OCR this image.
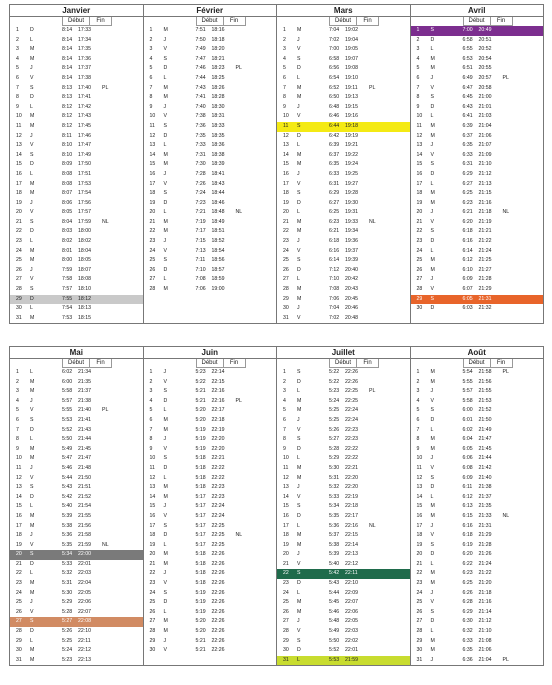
Janvier
Début	Fin
1	D	8:14	17:33
2	L	8:14	17:34
3	M	8:14	17:35
4	M	8:14	17:36
5	J	8:14	17:37
6	V	8:14	17:38
7	S	8:13	17:40	PL
8	D	8:13	17:41
9	L	8:12	17:42
10	M	8:12	17:43
11	M	8:12	17:45
12	J	8:11	17:46
13	V	8:10	17:47
14	S	8:10	17:49
15	D	8:09	17:50
16	L	8:08	17:51
17	M	8:08	17:53
18	M	8:07	17:54
19	J	8:06	17:56
20	V	8:05	17:57
21	S	8:04	17:59	NL
22	D	8:03	18:00
23	L	8:02	18:02
24	M	8:01	18:04
25	M	8:00	18:05
26	J	7:59	18:07
27	V	7:58	18:08
28	S	7:57	18:10
29	D	7:55	18:12
30	L	7:54	18:13
31	M	7:53	18:15
Février
Début	Fin
1	M	7:51	18:16
2	J	7:50	18:18
3	V	7:49	18:20
4	S	7:47	18:21
5	D	7:46	18:23	PL
6	L	7:44	18:25
7	M	7:43	18:26
8	M	7:41	18:28
9	J	7:40	18:30
10	V	7:38	18:31
11	S	7:36	18:33
12	D	7:35	18:35
13	L	7:33	18:36
14	M	7:31	18:38
15	M	7:30	18:39
16	J	7:28	18:41
17	V	7:26	18:43
18	S	7:24	18:44
19	D	7:23	18:46
20	L	7:21	18:48	NL
21	M	7:19	18:49
22	M	7:17	18:51
23	J	7:15	18:52
24	V	7:13	18:54
25	S	7:11	18:56
26	D	7:10	18:57
27	L	7:08	18:59
28	M	7:06	19:00
Mars
Début	Fin
1	M	7:04	19:02
2	J	7:02	19:04
3	V	7:00	19:05
4	S	6:58	19:07
5	D	6:56	19:08
6	L	6:54	19:10
7	M	6:52	19:11	PL
8	M	6:50	19:13
9	J	6:48	19:15
10	V	6:46	19:16
11	S	6:44	19:18
12	D	6:42	19:19
13	L	6:39	19:21
14	M	6:37	19:22
15	M	6:35	19:24
16	J	6:33	19:25
17	V	6:31	19:27
18	S	6:29	19:28
19	D	6:27	19:30
20	L	6:25	19:31
21	M	6:23	19:33	NL
22	M	6:21	19:34
23	J	6:18	19:36
24	V	6:16	19:37
25	S	6:14	19:39
26	D	7:12	20:40
27	L	7:10	20:42
28	M	7:08	20:43
29	M	7:06	20:45
30	J	7:04	20:46
31	V	7:02	20:48
Avril
Début	Fin
1	S	7:00	20:49
2	D	6:58	20:51
3	L	6:55	20:52
4	M	6:53	20:54
5	M	6:51	20:55
6	J	6:49	20:57	PL
7	V	6:47	20:58
8	S	6:45	21:00
9	D	6:43	21:01
10	L	6:41	21:03
11	M	6:39	21:04
12	M	6:37	21:06
13	J	6:35	21:07
14	V	6:33	21:09
15	S	6:31	21:10
16	D	6:29	21:12
17	L	6:27	21:13
18	M	6:25	21:15
19	M	6:23	21:16
20	J	6:21	21:18	NL
21	V	6:20	21:19
22	S	6:18	21:21
23	D	6:16	21:22
24	L	6:14	21:24
25	M	6:12	21:25
26	M	6:10	21:27
27	J	6:09	21:28
28	V	6:07	21:29
29	S	6:05	21:31
30	D	6:03	21:32
Mai
Début	Fin
1	L	6:02	21:34
2	M	6:00	21:35
3	M	5:58	21:37
4	J	5:57	21:38
5	V	5:55	21:40	PL
6	S	5:53	21:41
7	D	5:52	21:43
8	L	5:50	21:44
9	M	5:49	21:45
10	M	5:47	21:47
11	J	5:46	21:48
12	V	5:44	21:50
13	S	5:43	21:51
14	D	5:42	21:52
15	L	5:40	21:54
16	M	5:39	21:55
17	M	5:38	21:56
18	J	5:36	21:58
19	V	5:35	21:59	NL
20	S	5:34	22:00
21	D	5:33	22:01
22	L	5:32	22:03
23	M	5:31	22:04
24	M	5:30	22:05
25	J	5:29	22:06
26	V	5:28	22:07
27	S	5:27	22:08
28	D	5:26	22:10
29	L	5:25	22:11
30	M	5:24	22:12
31	M	5:23	22:13
Juin
Début	Fin
1	J	5:23	22:14
2	V	5:22	22:15
3	S	5:21	22:16
4	D	5:21	22:16	PL
5	L	5:20	22:17
6	M	5:20	22:18
7	M	5:19	22:19
8	J	5:19	22:20
9	V	5:19	22:20
10	S	5:18	22:21
11	D	5:18	22:22
12	L	5:18	22:22
13	M	5:18	22:23
14	M	5:17	22:23
15	J	5:17	22:24
16	V	5:17	22:24
17	S	5:17	22:25
18	D	5:17	22:25	NL
19	L	5:17	22:25
20	M	5:18	22:26
21	M	5:18	22:26
22	J	5:18	22:26
23	V	5:18	22:26
24	S	5:19	22:26
25	D	5:19	22:26
26	L	5:19	22:26
27	M	5:20	22:26
28	M	5:20	22:26
29	J	5:21	22:26
30	V	5:21	22:26
Juillet
Début	Fin
1	S	5:22	22:26
2	D	5:22	22:26
3	L	5:23	22:25	PL
4	M	5:24	22:25
5	M	5:25	22:24
6	J	5:25	22:24
7	V	5:26	22:23
8	S	5:27	22:23
9	D	5:28	22:22
10	L	5:29	22:22
11	M	5:30	22:21
12	M	5:31	22:20
13	J	5:32	22:20
14	V	5:33	22:19
15	S	5:34	22:18
16	D	5:35	22:17
17	L	5:36	22:16	NL
18	M	5:37	22:15
19	M	5:38	22:14
20	J	5:39	22:13
21	V	5:40	22:12
22	S	5:42	22:11
23	D	5:43	22:10
24	L	5:44	22:09
25	M	5:45	22:07
26	M	5:46	22:06
27	J	5:48	22:05
28	V	5:49	22:03
29	S	5:50	22:02
30	D	5:52	22:01
31	L	5:53	21:59
Août
Début	Fin
1	M	5:54	21:58	PL
2	M	5:55	21:56
3	J	5:57	21:55
4	V	5:58	21:53
5	S	6:00	21:52
6	D	6:01	21:50
7	L	6:02	21:49
8	M	6:04	21:47
9	M	6:05	21:45
10	J	6:06	21:44
11	V	6:08	21:42
12	S	6:09	21:40
13	D	6:11	21:38
14	L	6:12	21:37
15	M	6:13	21:35
16	M	6:15	21:33	NL
17	J	6:16	21:31
18	V	6:18	21:29
19	S	6:19	21:28
20	D	6:20	21:26
21	L	6:22	21:24
22	M	6:23	21:22
23	M	6:25	21:20
24	J	6:26	21:18
25	V	6:28	21:16
26	S	6:29	21:14
27	D	6:30	21:12
28	L	6:32	21:10
29	M	6:33	21:08
30	M	6:35	21:06
31	J	6:36	21:04	PL
